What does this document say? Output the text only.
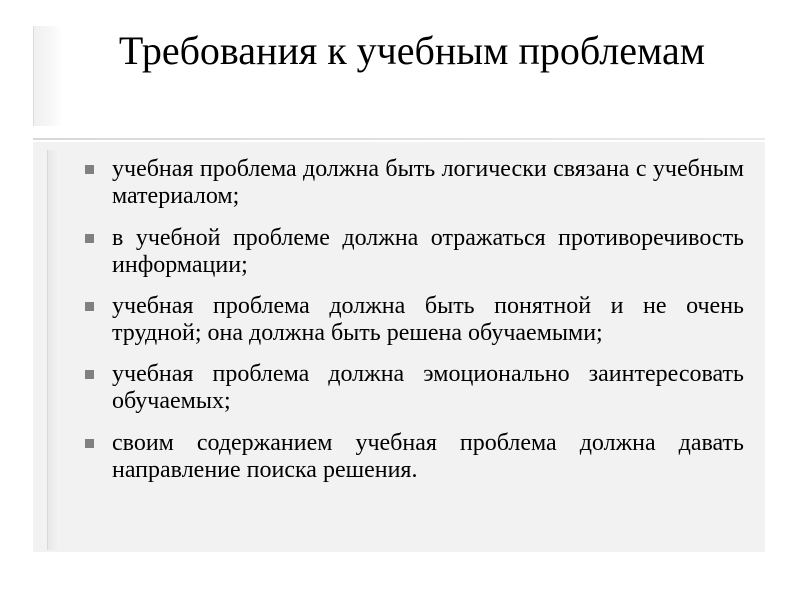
Требования к учебным проблемам
учебная проблема должна быть логически связана с учебным материалом;
в учебной проблеме должна отражаться противоречивость информации;
учебная проблема должна быть понятной и не очень трудной; она должна быть решена обучаемыми;
учебная проблема должна эмоционально заинтересовать обучаемых;
своим содержанием учебная проблема должна давать направление поиска решения.
